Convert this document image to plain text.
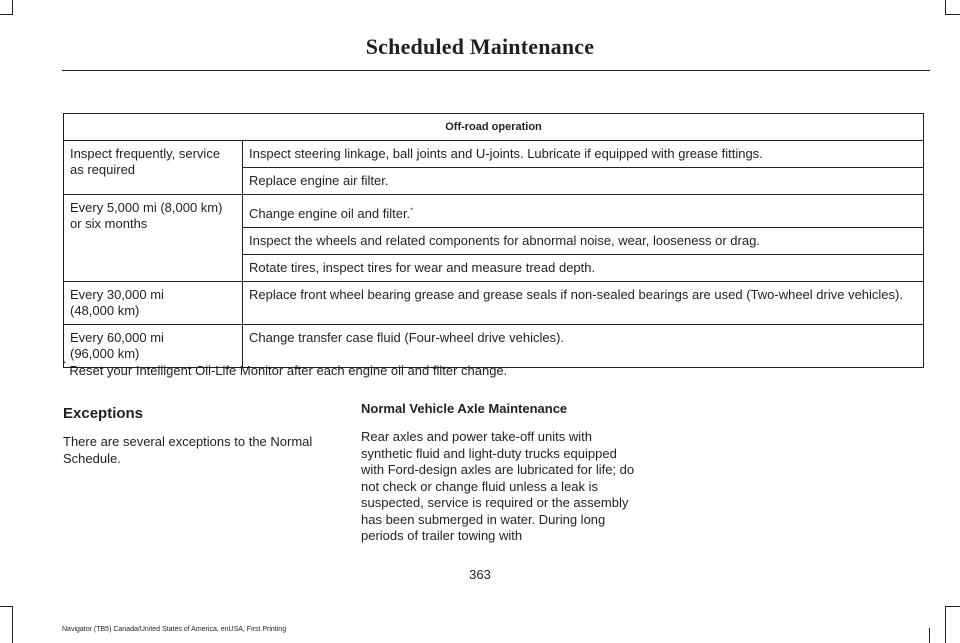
Scheduled Maintenance
Off-road operation	
Inspect frequently, service as required	Inspect steering linkage, ball joints and U-joints. Lubricate if equipped with grease fittings.
	Replace engine air filter.
Every 5,000 mi (8,000 km) or six months	Change engine oil and filter.*
	Inspect the wheels and related components for abnormal noise, wear, looseness or drag.
	Rotate tires, inspect tires for wear and measure tread depth.

Every 30,000 mi
(48,000 km)	Replace front wheel bearing grease and grease seals if non-sealed bearings are used (Two-wheel drive vehicles).

Every 60,000 mi
(96,000 km)	Change transfer case fluid (Four-wheel drive vehicles).
* Reset your Intelligent Oil-Life Monitor after each engine oil and filter change.
Exceptions
There are several exceptions to the Normal Schedule.
Normal Vehicle Axle Maintenance
Rear axles and power take-off units with synthetic fluid and light-duty trucks equipped with Ford-design axles are lubricated for life; do not check or change fluid unless a leak is suspected, service is required or the assembly has been submerged in water. During long periods of trailer towing with
363
Navigator (TB5) Canada/United States of America, enUSA, First Printing
